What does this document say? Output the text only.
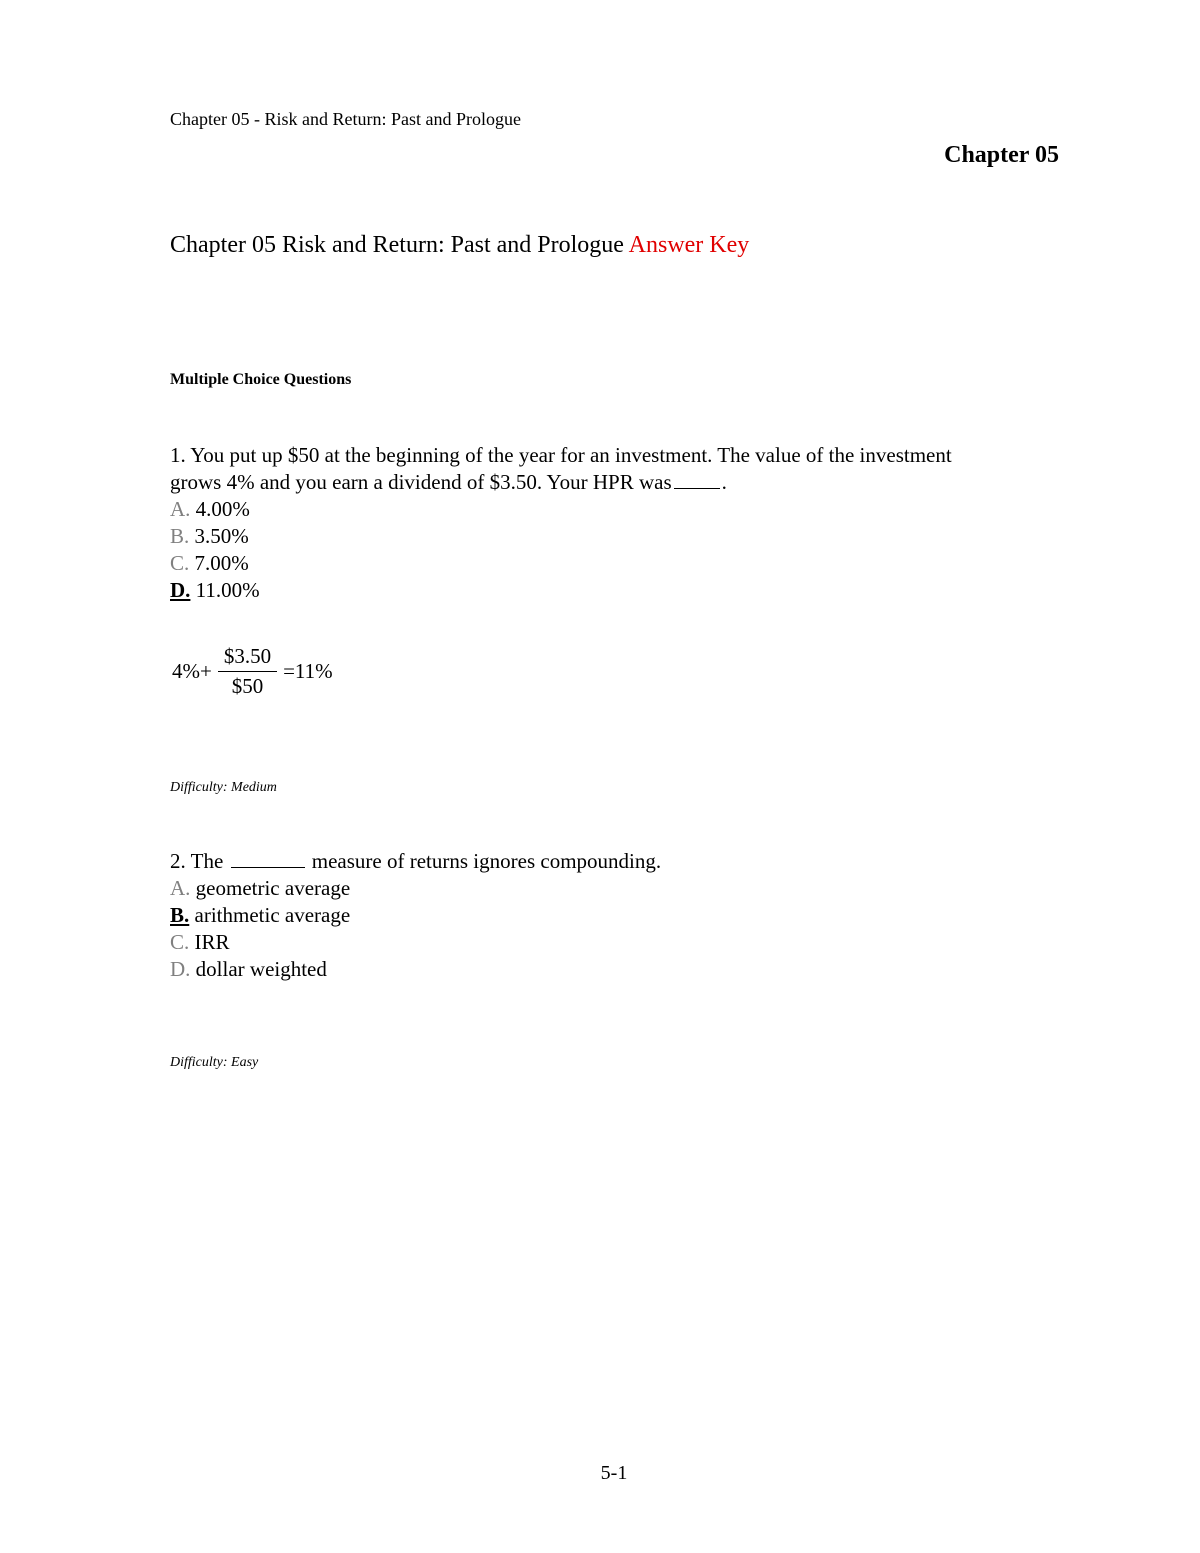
Chapter 05 - Risk and Return: Past and Prologue
Chapter 05
Chapter 05 Risk and Return: Past and Prologue Answer Key
Multiple Choice Questions
1. You put up $50 at the beginning of the year for an investment. The value of the investment
grows 4% and you earn a dividend of $3.50. Your HPR was .
A. 4.00%
B. 3.50%
C. 7.00%
D. 11.00%
$4\%+ \frac{\$3.50}{\$50} =11\%$
Difficulty: Medium
2. The	measure of returns ignores compounding.
A. geometric average
B. arithmetic average
C. IRR
D. dollar weighted
Difficulty: Easy
5-1
